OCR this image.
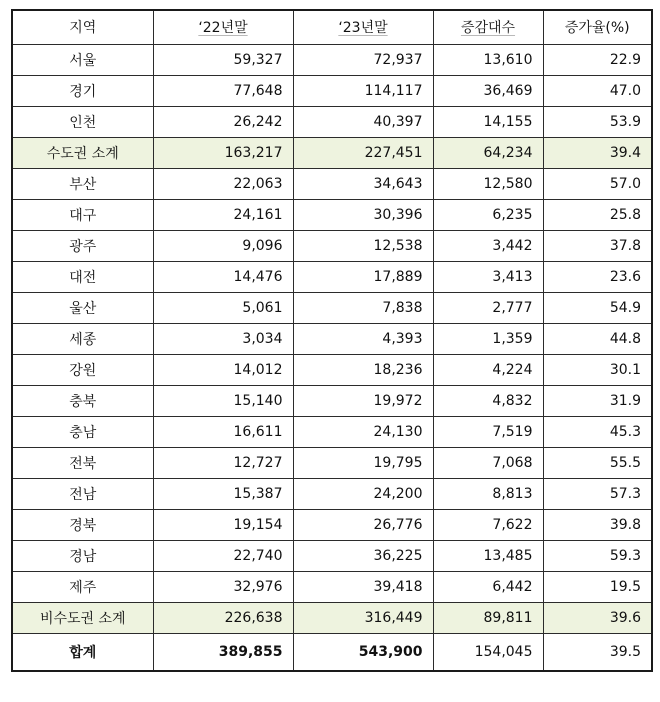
지역	‘22년말	‘23년말	증감대수	증가율(%)
서울	59,327	72,937	13,610	22.9
경기	77,648	114,117	36,469	47.0
인천	26,242	40,397	14,155	53.9
수도권 소계	163,217	227,451	64,234	39.4
부산	22,063	34,643	12,580	57.0
대구	24,161	30,396	6,235	25.8
광주	9,096	12,538	3,442	37.8
대전	14,476	17,889	3,413	23.6
울산	5,061	7,838	2,777	54.9
세종	3,034	4,393	1,359	44.8
강원	14,012	18,236	4,224	30.1
충북	15,140	19,972	4,832	31.9
충남	16,611	24,130	7,519	45.3
전북	12,727	19,795	7,068	55.5
전남	15,387	24,200	8,813	57.3
경북	19,154	26,776	7,622	39.8
경남	22,740	36,225	13,485	59.3
제주	32,976	39,418	6,442	19.5
비수도권 소계	226,638	316,449	89,811	39.6
합계	389,855	543,900	154,045	39.5
